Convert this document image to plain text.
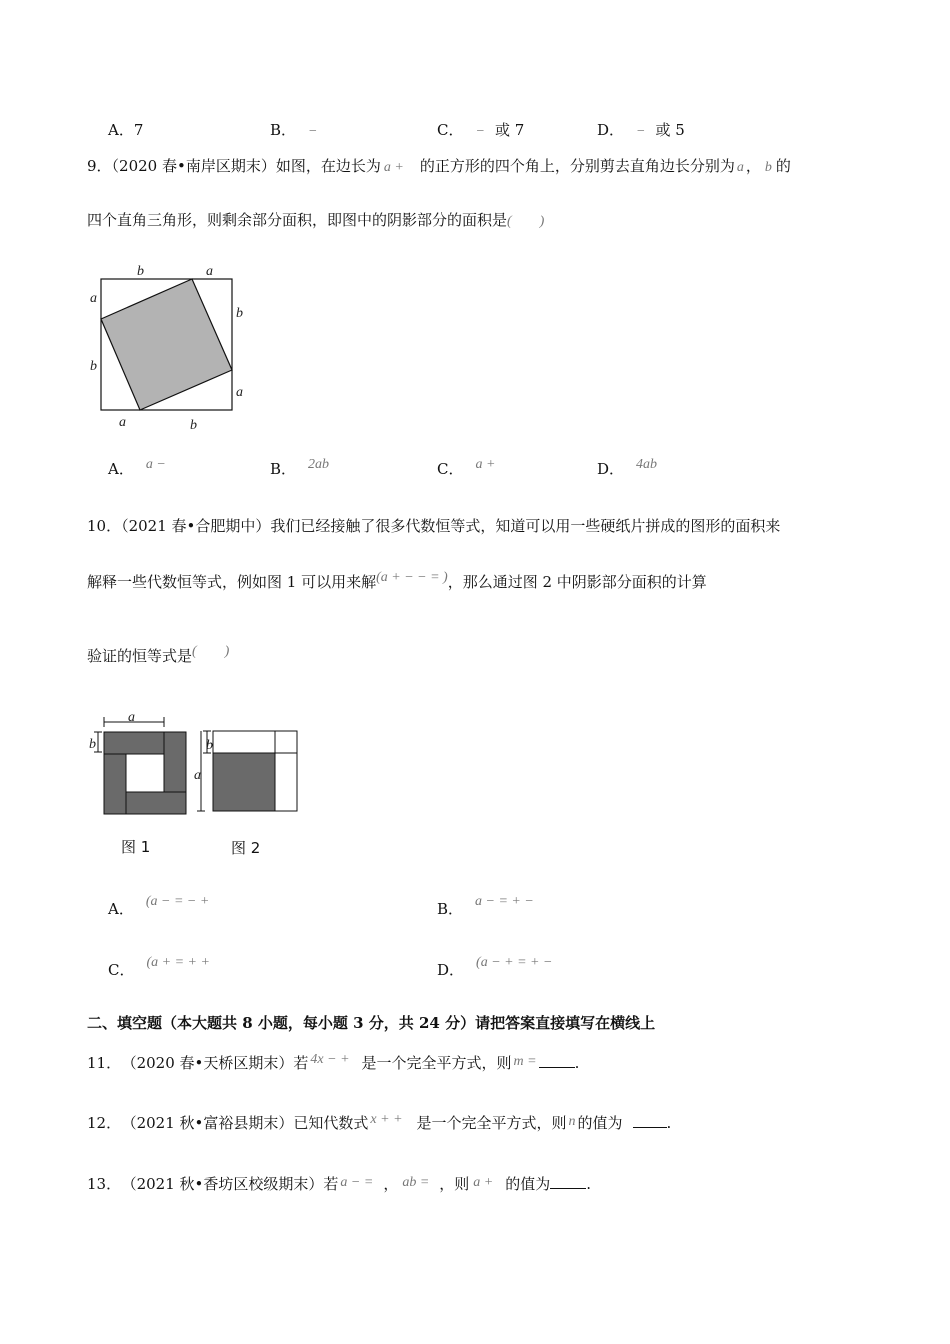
A．7	B． −	C． − 或 7	D． − 或 5
9．（2020 春•南岸区期末）如图，在边长为 a + 的正方形的四个角上，分别剪去直角边长分别为 a ， b 的
四个直角三角形，则剩余部分面积，即图中的阴影部分的面积是(　　)
b	a
a
b
b
a
a	b
A． a −	B． 2ab	C． a +	D． 4ab
10．（2021 春•合肥期中）我们已经接触了很多代数恒等式，知道可以用一些硬纸片拼成的图形的面积来
解释一些代数恒等式，例如图 1 可以用来解(a + − − = )，那么通过图 2 中阴影部分面积的计算
验证的恒等式是(　　)
a
b	b
a
图 1	图 2
A． (a − = − +	B． a − = + −
C． (a + = + +	D． (a − + = + −
二、填空题（本大题共 8 小题，每小题 3 分，共 24 分）请把答案直接填写在横线上
11． （2020 春•天桥区期末）若 4x − + 是一个完全平方式，则 m =	.
12． （2021 秋•富裕县期末）已知代数式 x + + 是一个完全平方式，则 n 的值为	.
13． （2021 秋•香坊区校级期末）若 a − = ， ab = ，则 a + 的值为 .
